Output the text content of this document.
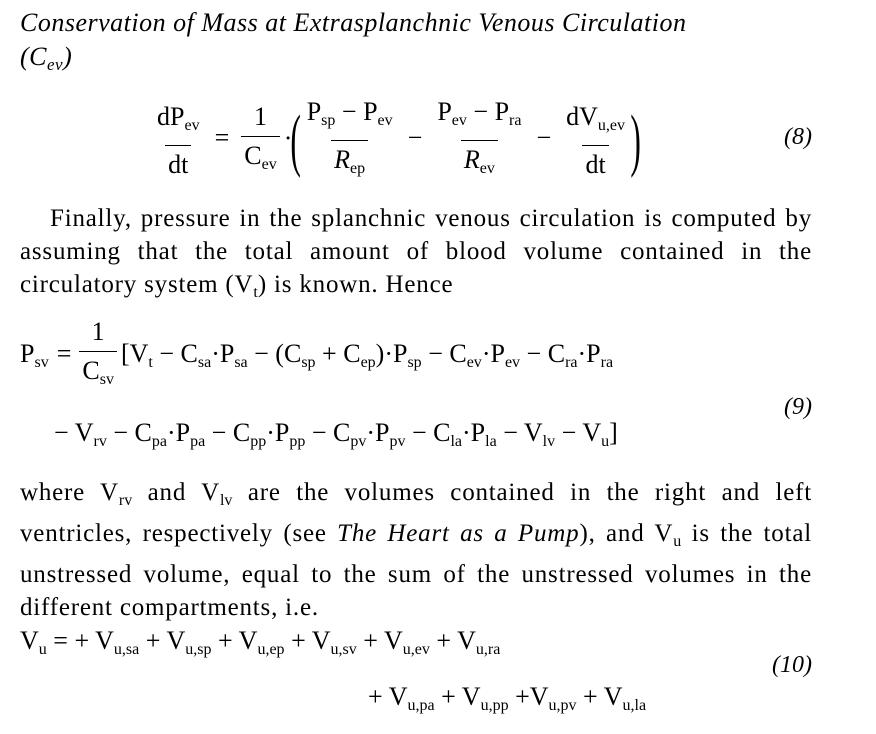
Conservation of Mass at Extrasplanchnic Venous Circulation
(Cev)
$\frac{dP_{ev}}{dt} = \frac{1}{C_{ev}}$ ·( $\frac{P_{sp} - P_{ev}}{R_{ep}} - \frac{P_{ev} - P_{ra}}{R_{ev}} - \frac{dV_{u,ev}}{dt}$ )	(8)
Finally, pressure in the splanchnic venous circulation is computed by assuming that the total amount of blood volume contained in the circulatory system $(V_t)$ is known. Hence
$P_{sv} = \frac{1}{C_{sv}} [V_t - C_{sa}\cdot P_{sa} - (C_{sp} + C_{ep})\cdot P_{sp} - C_{ev}\cdot P_{ev} - C_{ra}\cdot P_{ra}$
(9)
− $V_{rv} - C_{pa}\cdot P_{pa} - C_{pp}\cdot P_{pp} - C_{pv}\cdot P_{pv} - C_{la}\cdot P_{la} - V_{lv} - V_u$]
where $V_{rv}$ and $V_{lv}$ are the volumes contained in the right and left ventricles, respectively (see The Heart as a Pump), and $V_u$ is the total unstressed volume, equal to the sum of the unstressed volumes in the different compartments, i.e.
$V_u$ = + $V_{u,sa} + V_{u,sp} + V_{u,ep} + V_{u,sv} + V_{u,ev} + V_{u,ra}$
(10)
+ $V_{u,pa} + V_{u,pp} +V_{u,pv} + V_{u,la}$
